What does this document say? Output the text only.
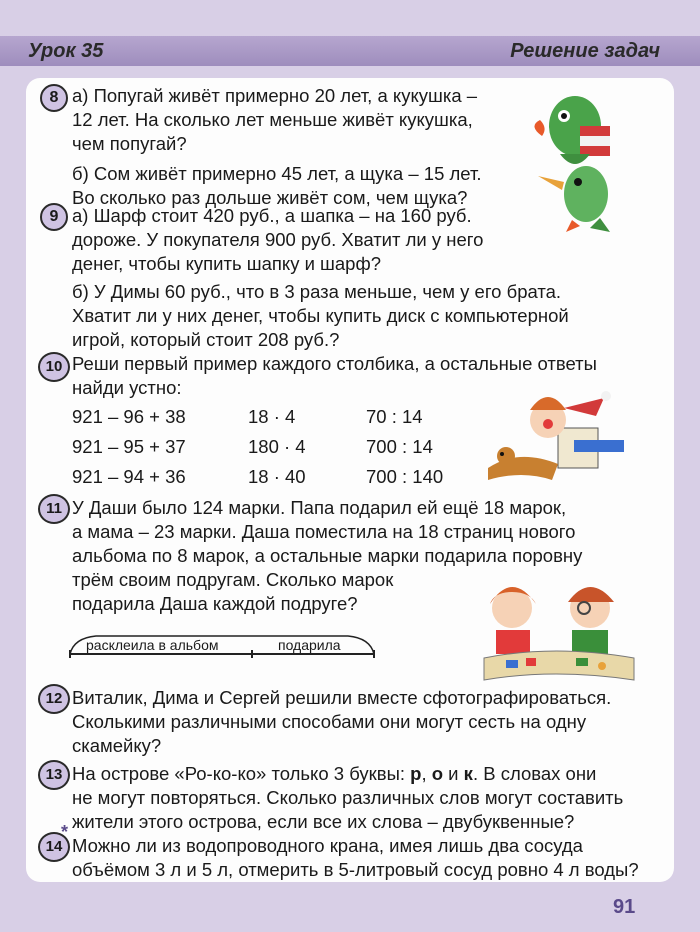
Урок 35	Решение задач
8 а) Попугай живёт примерно 20 лет, а кукушка –
12 лет. На сколько лет меньше живёт кукушка,
чем попугай?
б) Сом живёт примерно 45 лет, а щука – 15 лет.
Во сколько раз дольше живёт сом, чем щука?
9 а) Шарф стоит 420 руб., а шапка – на 160 руб.
дороже. У покупателя 900 руб. Хватит ли у него
денег, чтобы купить шапку и шарф?
б) У Димы 60 руб., что в 3 раза меньше, чем у его брата.
Хватит ли у них денег, чтобы купить диск с компьютерной
игрой, который стоит 208 руб.?
10 Реши первый пример каждого столбика, а остальные ответы
найди устно:
921 – 96 + 38
921 – 95 + 37
921 – 94 + 36
18 · 4
180 · 4
18 · 40
70 : 14
700 : 14
700 : 140
11 У Даши было 124 марки. Папа подарил ей ещё 18 марок,
а мама – 23 марки. Даша поместила на 18 страниц нового
альбома по 8 марок, а остальные марки подарила поровну
трём своим подругам. Сколько марок
подарила Даша каждой подруге?
расклеила в альбом	подарила
12 Виталик, Дима и Сергей решили вместе сфотографироваться.
Сколькими различными способами они могут сесть на одну
скамейку?
13 На острове «Ро-ко-ко» только 3 буквы: р, о и к. В словах они
не могут повторяться. Сколько различных слов могут составить
жители этого острова, если все их слова – двубуквенные?
14
*
Можно ли из водопроводного крана, имея лишь два сосуда
объёмом 3 л и 5 л, отмерить в 5-литровый сосуд ровно 4 л воды?
91
